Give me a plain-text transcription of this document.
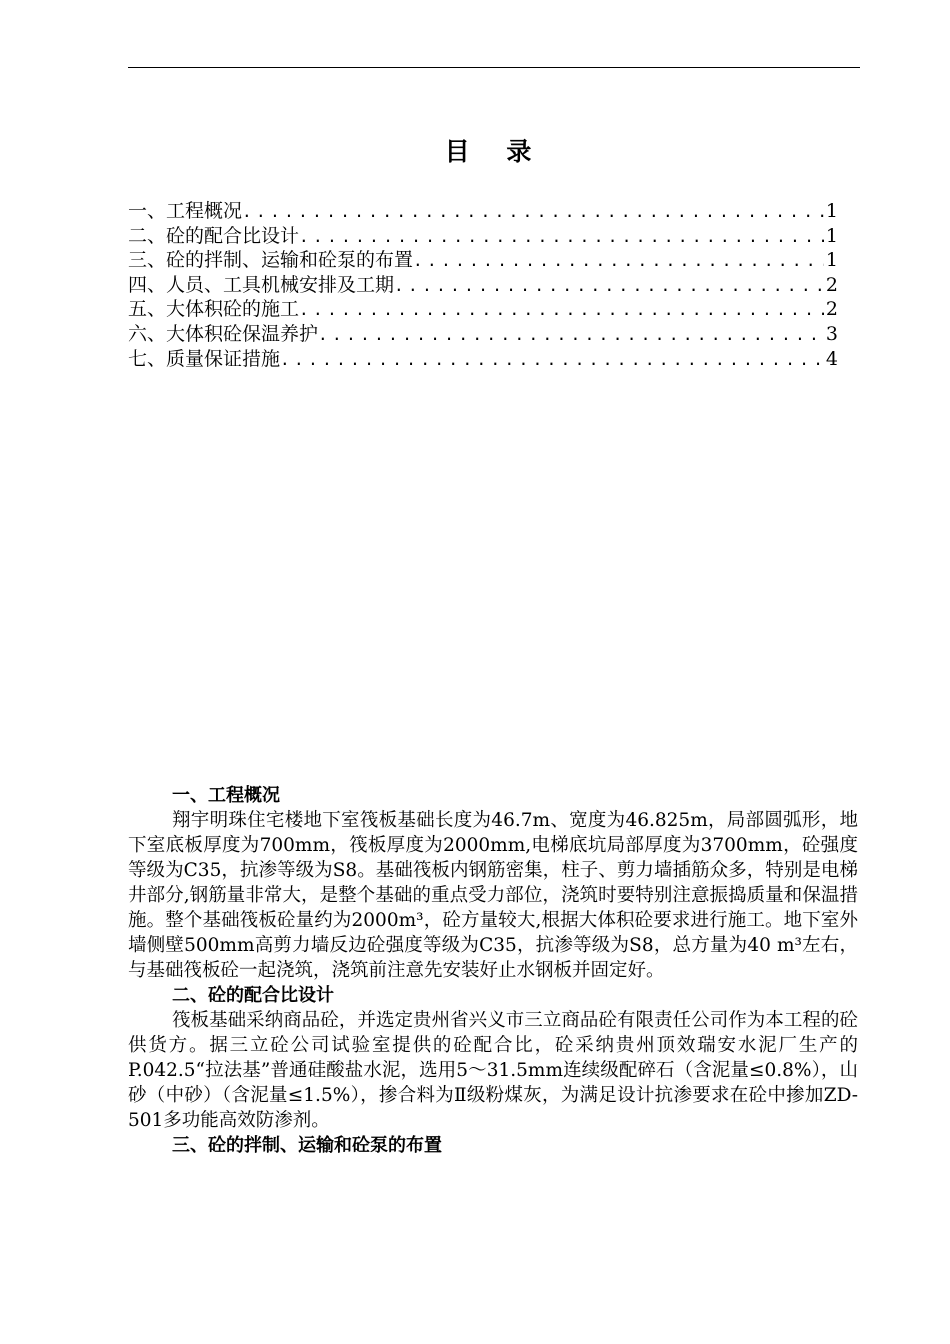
目 录
一、工程概况 .....	1
二、砼的配合比设计 .....	1
三、砼的拌制、运输和砼泵的布置 .....	1
四、人员、工具机械安排及工期 .....	2
五、大体积砼的施工 .....	2
六、大体积砼保温养护 .....	3
七、质量保证措施 .....	4
一、工程概况

翔宇明珠住宅楼地下室筏板基础长度为46.7m、宽度为46.825m，局部圆弧形，地下室底板厚度为700mm，筏板厚度为2000mm,电梯底坑局部厚度为3700mm，砼强度等级为C35，抗渗等级为S8。基础筏板内钢筋密集，柱子、剪力墙插筋众多，特别是电梯井部分,钢筋量非常大，是整个基础的重点受力部位，浇筑时要特别注意振捣质量和保温措施。整个基础筏板砼量约为2000m³，砼方量较大,根据大体积砼要求进行施工。地下室外墙侧壁500mm高剪力墙反边砼强度等级为C35，抗渗等级为S8，总方量为40 m³左右，与基础筏板砼一起浇筑，浇筑前注意先安装好止水钢板并固定好。

二、砼的配合比设计

筏板基础采纳商品砼，并选定贵州省兴义市三立商品砼有限责任公司作为本工程的砼供货方。据三立砼公司试验室提供的砼配合比，砼采纳贵州顶效瑞安水泥厂生产的P.042.5“拉法基”普通硅酸盐水泥，选用5～31.5mm连续级配碎石（含泥量≤0.8%），山砂（中砂）（含泥量≤1.5%），掺合料为Ⅱ级粉煤灰，为满足设计抗渗要求在砼中掺加ZD-501多功能高效防渗剂。

三、砼的拌制、运输和砼泵的布置
